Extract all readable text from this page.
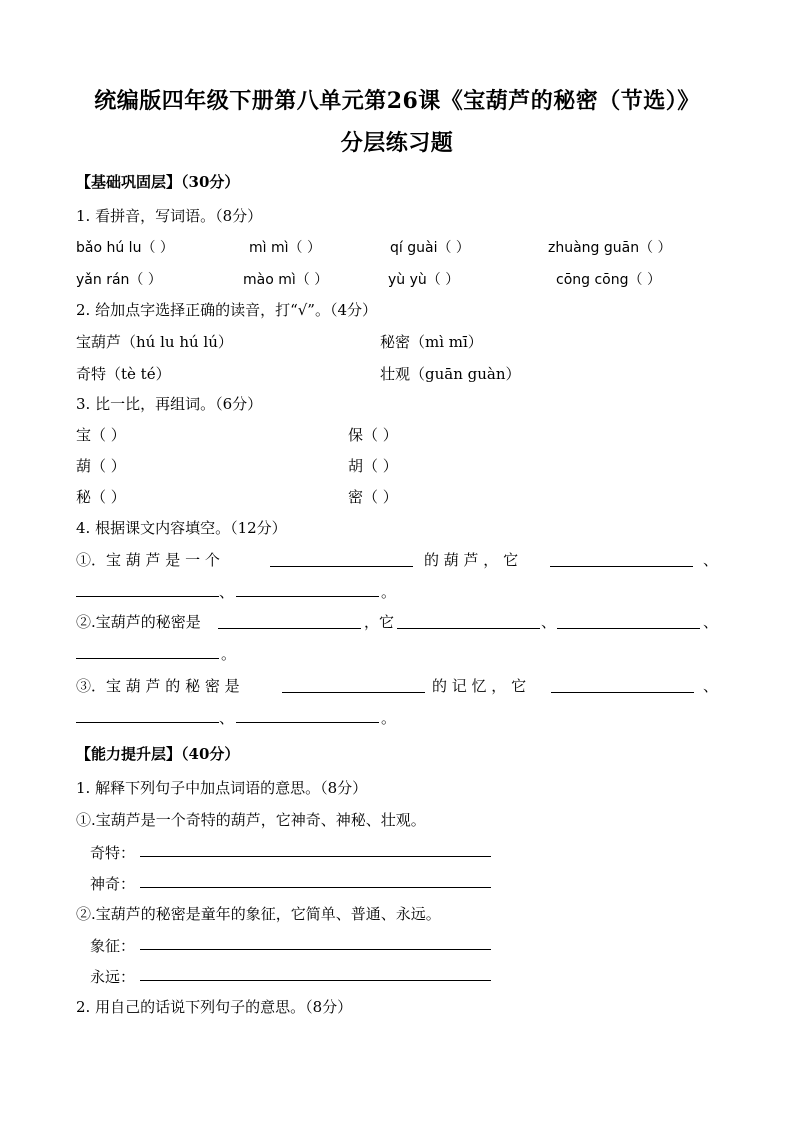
统编版四年级下册第八单元第26课《宝葫芦的秘密（节选）》
分层练习题
【基础巩固层】（30分）
1. 看拼音，写词语。（8分）
bǎo hú lu（ ）	mì mì（ ）	qí guài（ ）	zhuàng guān（ ）
yǎn rán（ ）	mào mì（ ）	yù yù（ ）	cōng cōng（ ）
2. 给加点字选择正确的读音，打“√”。（4分）
宝葫芦（hú lu hú lú）	秘密（mì mī）
奇特（tè té）	壮观（guān guàn）
3. 比一比，再组词。（6分）
宝（ ）	保（ ）
葫（ ）	胡（ ）
秘（ ）	密（ ）
4. 根据课文内容填空。（12分）
①．宝 葫 芦 是 一 个	的 葫 芦 ， 它	、
、	。
②.宝葫芦的秘密是	，它	、	、
。
③．宝 葫 芦 的 秘 密 是	的 记 忆 ， 它	、
、	。
【能力提升层】（40分）
1. 解释下列句子中加点词语的意思。（8分）
①.宝葫芦是一个奇特的葫芦，它神奇、神秘、壮观。
奇特：
神奇：
②.宝葫芦的秘密是童年的象征，它简单、普通、永远。
象征：
永远：
2. 用自己的话说下列句子的意思。（8分）
